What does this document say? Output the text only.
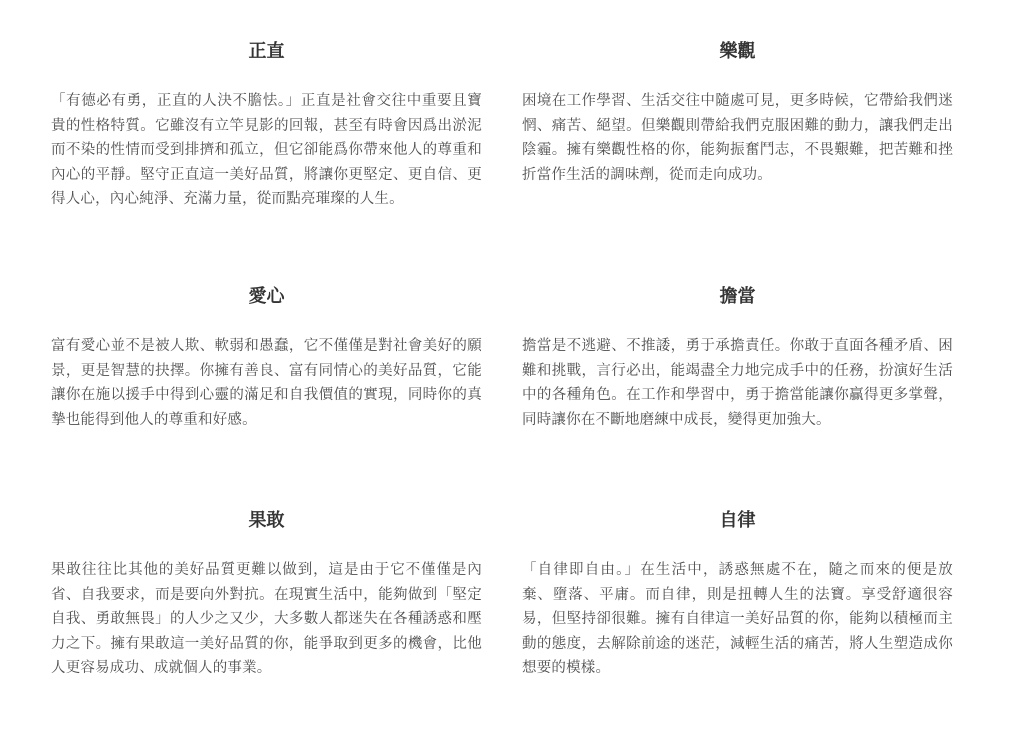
正直

「有德必有勇，正直的人決不膽怯。」正直是社會交往中重要且寶貴的性格特質。它雖沒有立竿見影的回報，甚至有時會因爲出淤泥而不染的性情而受到排擠和孤立，但它卻能爲你帶來他人的尊重和內心的平靜。堅守正直這一美好品質，將讓你更堅定、更自信、更得人心，內心純淨、充滿力量，從而點亮璀璨的人生。

樂觀

困境在工作學習、生活交往中隨處可見，更多時候，它帶給我們迷惘、痛苦、絕望。但樂觀則帶給我們克服困難的動力，讓我們走出陰霾。擁有樂觀性格的你，能夠振奮鬥志，不畏艱難，把苦難和挫折當作生活的調味劑，從而走向成功。

愛心

富有愛心並不是被人欺、軟弱和愚蠢，它不僅僅是對社會美好的願景，更是智慧的抉擇。你擁有善良、富有同情心的美好品質，它能讓你在施以援手中得到心靈的滿足和自我價值的實現，同時你的真摯也能得到他人的尊重和好感。

擔當

擔當是不逃避、不推諉，勇于承擔責任。你敢于直面各種矛盾、困難和挑戰，言行必出，能竭盡全力地完成手中的任務，扮演好生活中的各種角色。在工作和學習中，勇于擔當能讓你贏得更多掌聲，同時讓你在不斷地磨練中成長，變得更加強大。

果敢

果敢往往比其他的美好品質更難以做到，這是由于它不僅僅是內省、自我要求，而是要向外對抗。在現實生活中，能夠做到「堅定自我、勇敢無畏」的人少之又少，大多數人都迷失在各種誘惑和壓力之下。擁有果敢這一美好品質的你，能爭取到更多的機會，比他人更容易成功、成就個人的事業。

自律

「自律即自由。」在生活中，誘惑無處不在，隨之而來的便是放棄、墮落、平庸。而自律，則是扭轉人生的法寶。享受舒適很容易，但堅持卻很難。擁有自律這一美好品質的你，能夠以積極而主動的態度，去解除前途的迷茫，減輕生活的痛苦，將人生塑造成你想要的模樣。
